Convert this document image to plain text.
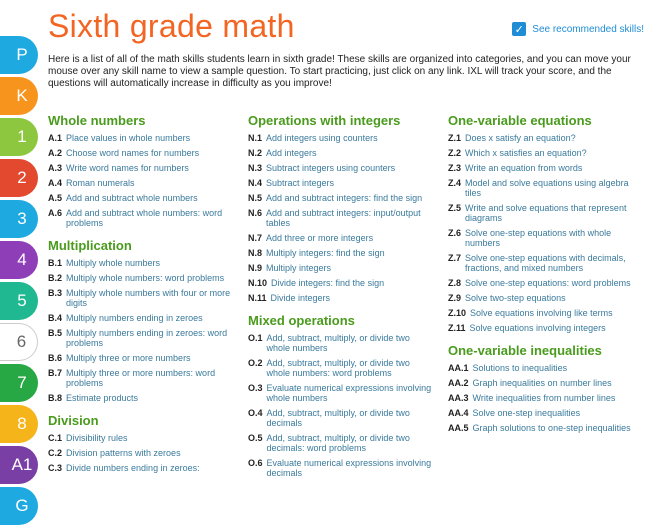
P
K
1
2
3
4
5
6
7
8
A1
G
Sixth grade math	✓ See recommended skills!

Here is a list of all of the math skills students learn in sixth grade! These skills are organized into categories, and you can move your mouse over any skill name to view a sample question. To start practicing, just click on any link. IXL will track your score, and the questions will automatically increase in difficulty as you improve!

Whole numbers
A.1 Place values in whole numbers
A.2 Choose word names for numbers
A.3 Write word names for numbers
A.4 Roman numerals
A.5 Add and subtract whole numbers
A.6 Add and subtract whole numbers: word problems
Multiplication
B.1 Multiply whole numbers
B.2 Multiply whole numbers: word problems
B.3 Multiply whole numbers with four or more digits
B.4 Multiply numbers ending in zeroes
B.5 Multiply numbers ending in zeroes: word problems
B.6 Multiply three or more numbers
B.7 Multiply three or more numbers: word problems
B.8 Estimate products
Division
C.1 Divisibility rules
C.2 Division patterns with zeroes
C.3 Divide numbers ending in zeroes:
Operations with integers
N.1 Add integers using counters
N.2 Add integers
N.3 Subtract integers using counters
N.4 Subtract integers
N.5 Add and subtract integers: find the sign
N.6 Add and subtract integers: input/output tables
N.7 Add three or more integers
N.8 Multiply integers: find the sign
N.9 Multiply integers
N.10 Divide integers: find the sign
N.11 Divide integers
Mixed operations
O.1 Add, subtract, multiply, or divide two whole numbers
O.2 Add, subtract, multiply, or divide two whole numbers: word problems
O.3 Evaluate numerical expressions involving whole numbers
O.4 Add, subtract, multiply, or divide two decimals
O.5 Add, subtract, multiply, or divide two decimals: word problems
O.6 Evaluate numerical expressions involving decimals
One-variable equations
Z.1 Does x satisfy an equation?
Z.2 Which x satisfies an equation?
Z.3 Write an equation from words
Z.4 Model and solve equations using algebra tiles
Z.5 Write and solve equations that represent diagrams
Z.6 Solve one-step equations with whole numbers
Z.7 Solve one-step equations with decimals, fractions, and mixed numbers
Z.8 Solve one-step equations: word problems
Z.9 Solve two-step equations
Z.10 Solve equations involving like terms
Z.11 Solve equations involving integers
One-variable inequalities
AA.1 Solutions to inequalities
AA.2 Graph inequalities on number lines
AA.3 Write inequalities from number lines
AA.4 Solve one-step inequalities
AA.5 Graph solutions to one-step inequalities
